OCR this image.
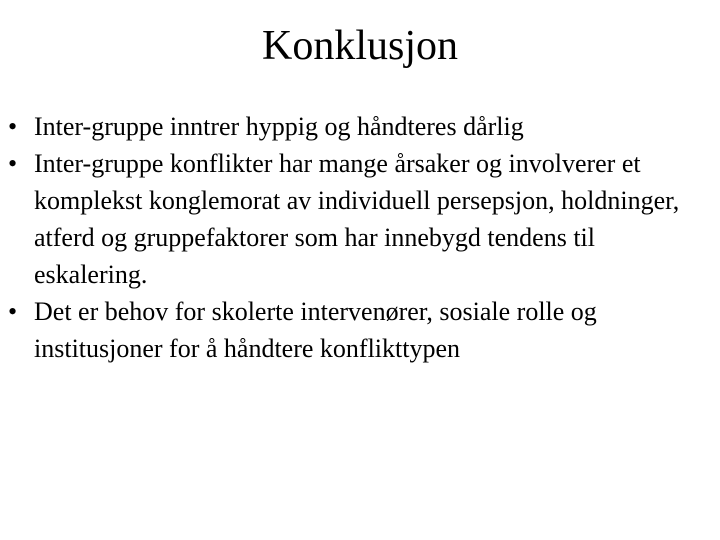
Konklusjon
• Inter-gruppe inntrer hyppig og håndteres dårlig
• Inter-gruppe konflikter har mange årsaker og involverer et komplekst konglemorat av individuell persepsjon, holdninger, atferd og gruppefaktorer som har innebygd tendens til eskalering.
• Det er behov for skolerte intervenører, sosiale rolle og institusjoner for å håndtere konflikttypen
